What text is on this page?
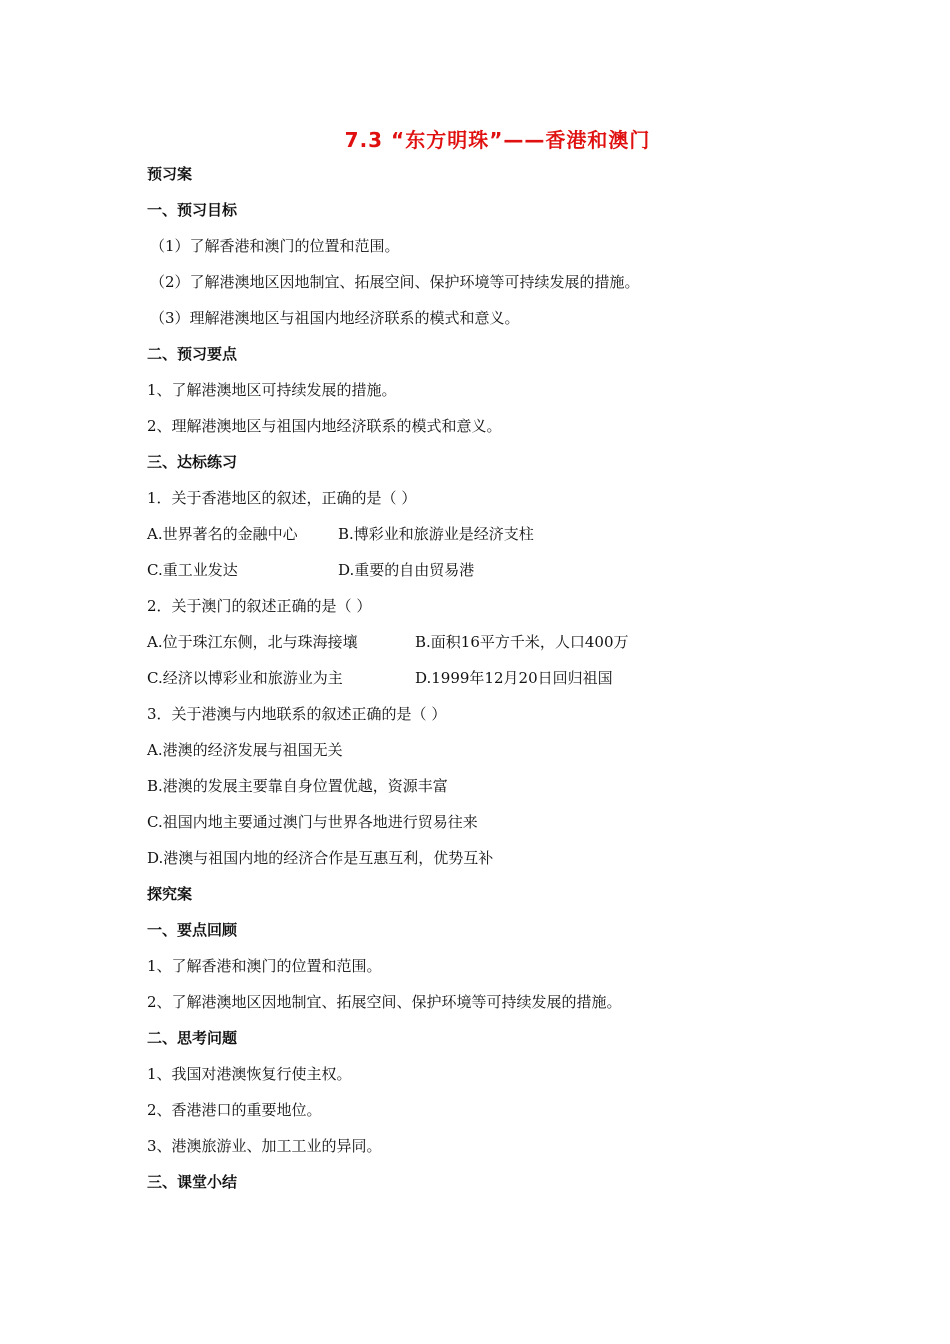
7.3 “东方明珠”——香港和澳门
预习案
一、预习目标
（1）了解香港和澳门的位置和范围。
（2）了解港澳地区因地制宜、拓展空间、保护环境等可持续发展的措施。
（3）理解港澳地区与祖国内地经济联系的模式和意义。
二、预习要点
1、了解港澳地区可持续发展的措施。
2、理解港澳地区与祖国内地经济联系的模式和意义。
三、达标练习
1．关于香港地区的叙述，正确的是（ ）
A.世界著名的金融中心	B.博彩业和旅游业是经济支柱
C.重工业发达	D.重要的自由贸易港
2．关于澳门的叙述正确的是（ ）
A.位于珠江东侧，北与珠海接壤	B.面积16平方千米，人口400万
C.经济以博彩业和旅游业为主	D.1999年12月20日回归祖国
3．关于港澳与内地联系的叙述正确的是（ ）
A.港澳的经济发展与祖国无关
B.港澳的发展主要靠自身位置优越，资源丰富
C.祖国内地主要通过澳门与世界各地进行贸易往来
D.港澳与祖国内地的经济合作是互惠互利，优势互补
探究案
一、要点回顾
1、了解香港和澳门的位置和范围。
2、了解港澳地区因地制宜、拓展空间、保护环境等可持续发展的措施。
二、思考问题
1、我国对港澳恢复行使主权。
2、香港港口的重要地位。
3、港澳旅游业、加工工业的异同。
三、课堂小结
